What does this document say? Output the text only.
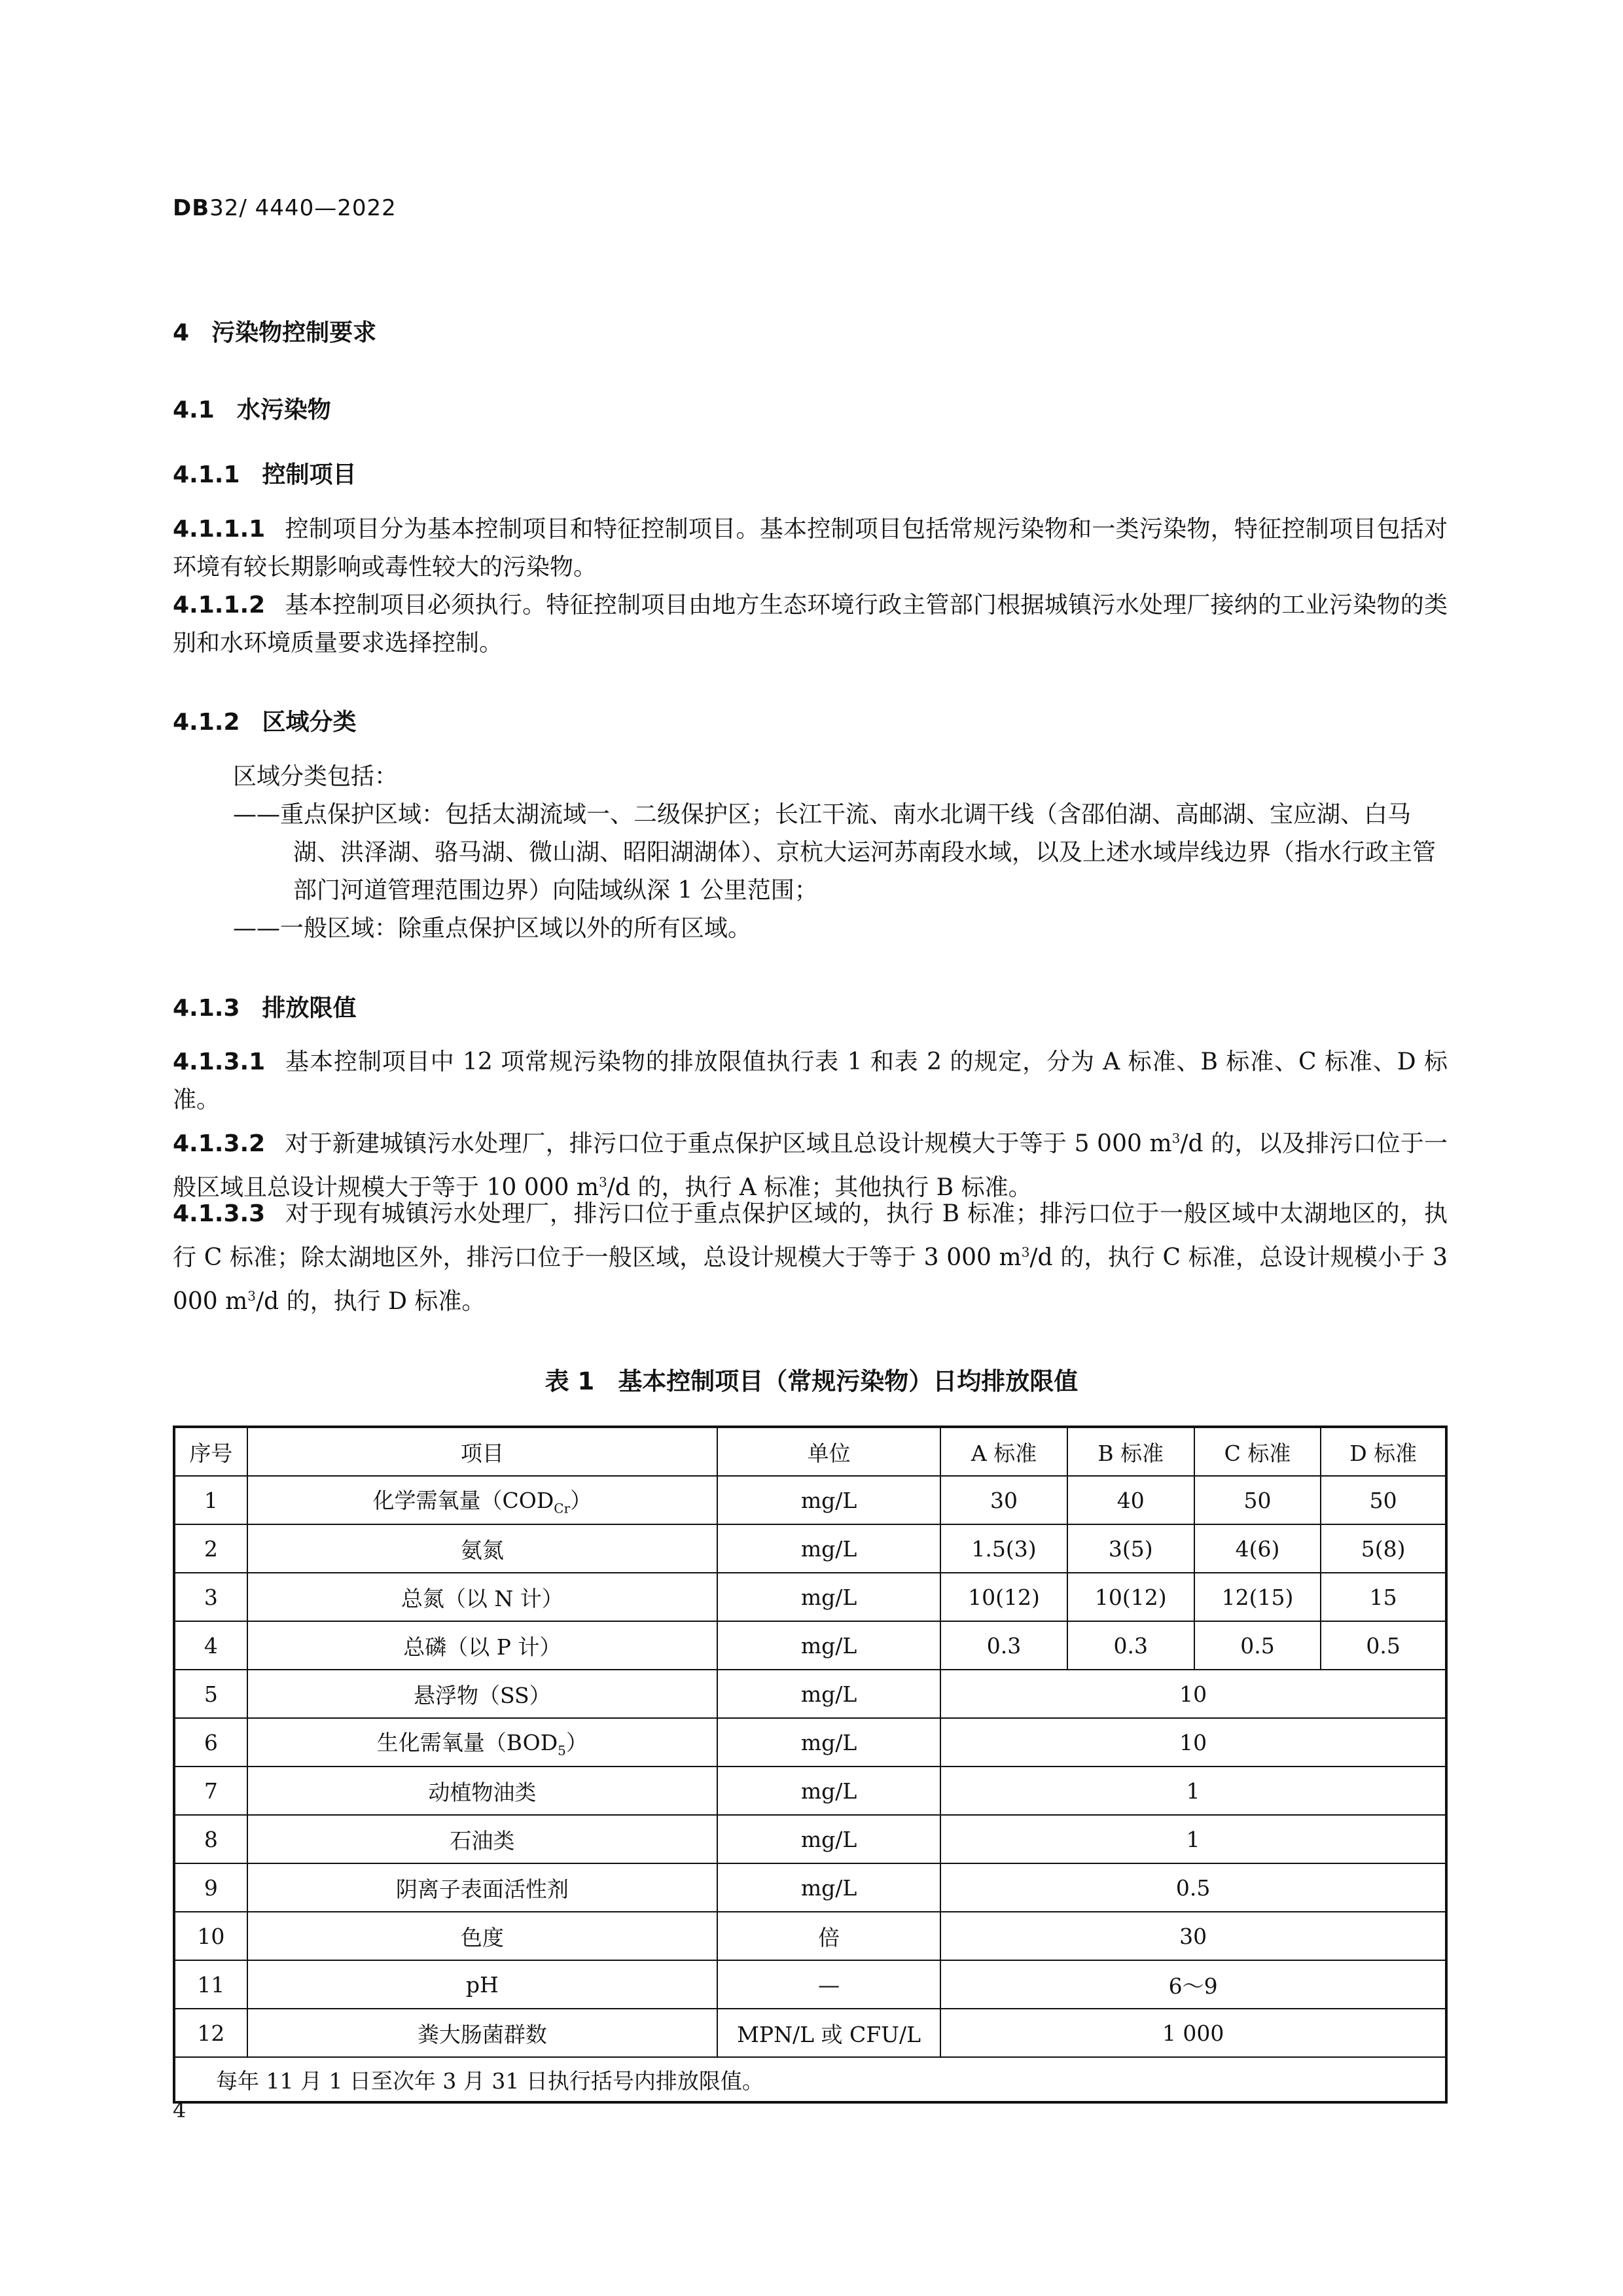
DB32/ 4440—2022
4 污染物控制要求
4.1 水污染物
4.1.1 控制项目
4.1.1.1 控制项目分为基本控制项目和特征控制项目。基本控制项目包括常规污染物和一类污染物，特征控制项目包括对环境有较长期影响或毒性较大的污染物。
4.1.1.2 基本控制项目必须执行。特征控制项目由地方生态环境行政主管部门根据城镇污水处理厂接纳的工业污染物的类别和水环境质量要求选择控制。
4.1.2 区域分类
区域分类包括：
——重点保护区域：包括太湖流域一、二级保护区；长江干流、南水北调干线（含邵伯湖、高邮湖、宝应湖、白马湖、洪泽湖、骆马湖、微山湖、昭阳湖湖体）、京杭大运河苏南段水域，以及上述水域岸线边界（指水行政主管部门河道管理范围边界）向陆域纵深 1 公里范围；
——一般区域：除重点保护区域以外的所有区域。
4.1.3 排放限值
4.1.3.1 基本控制项目中 12 项常规污染物的排放限值执行表 1 和表 2 的规定，分为 A 标准、B 标准、C 标准、D 标准。
4.1.3.2 对于新建城镇污水处理厂，排污口位于重点保护区域且总设计规模大于等于 5 000 $m^3/d$ 的，以及排污口位于一般区域且总设计规模大于等于 10 000 $m^3/d$ 的，执行 A 标准；其他执行 B 标准。
4.1.3.3 对于现有城镇污水处理厂，排污口位于重点保护区域的，执行 B 标准；排污口位于一般区域中太湖地区的，执行 C 标准；除太湖地区外，排污口位于一般区域，总设计规模大于等于 3 000 $m^3/d$ 的，执行 C 标准，总设计规模小于 3 000 $m^3/d$ 的，执行 D 标准。
表 1 基本控制项目（常规污染物）日均排放限值
序号	项目	单位	A 标准	B 标准	C 标准	D 标准
1	化学需氧量$(COD_{Cr})$	mg/L	30	40	50	50
2	氨氮	mg/L	1.5(3)	3(5)	4(6)	5(8)
3	总氮（以 N 计）	mg/L	10(12)	10(12)	12(15)	15
4	总磷（以 P 计）	mg/L	0.3	0.3	0.5	0.5
5	悬浮物（SS）	mg/L	10			
6	生化需氧量$(BOD_5)$	mg/L	10			
7	动植物油类	mg/L	1			
8	石油类	mg/L	1			
9	阴离子表面活性剂	mg/L	0.5			
10	色度	倍	30			
11	pH	—	6～9			
12	粪大肠菌群数	MPN/L 或 CFU/L	1 000			
每年 11 月 1 日至次年 3 月 31 日执行括号内排放限值。						
4
